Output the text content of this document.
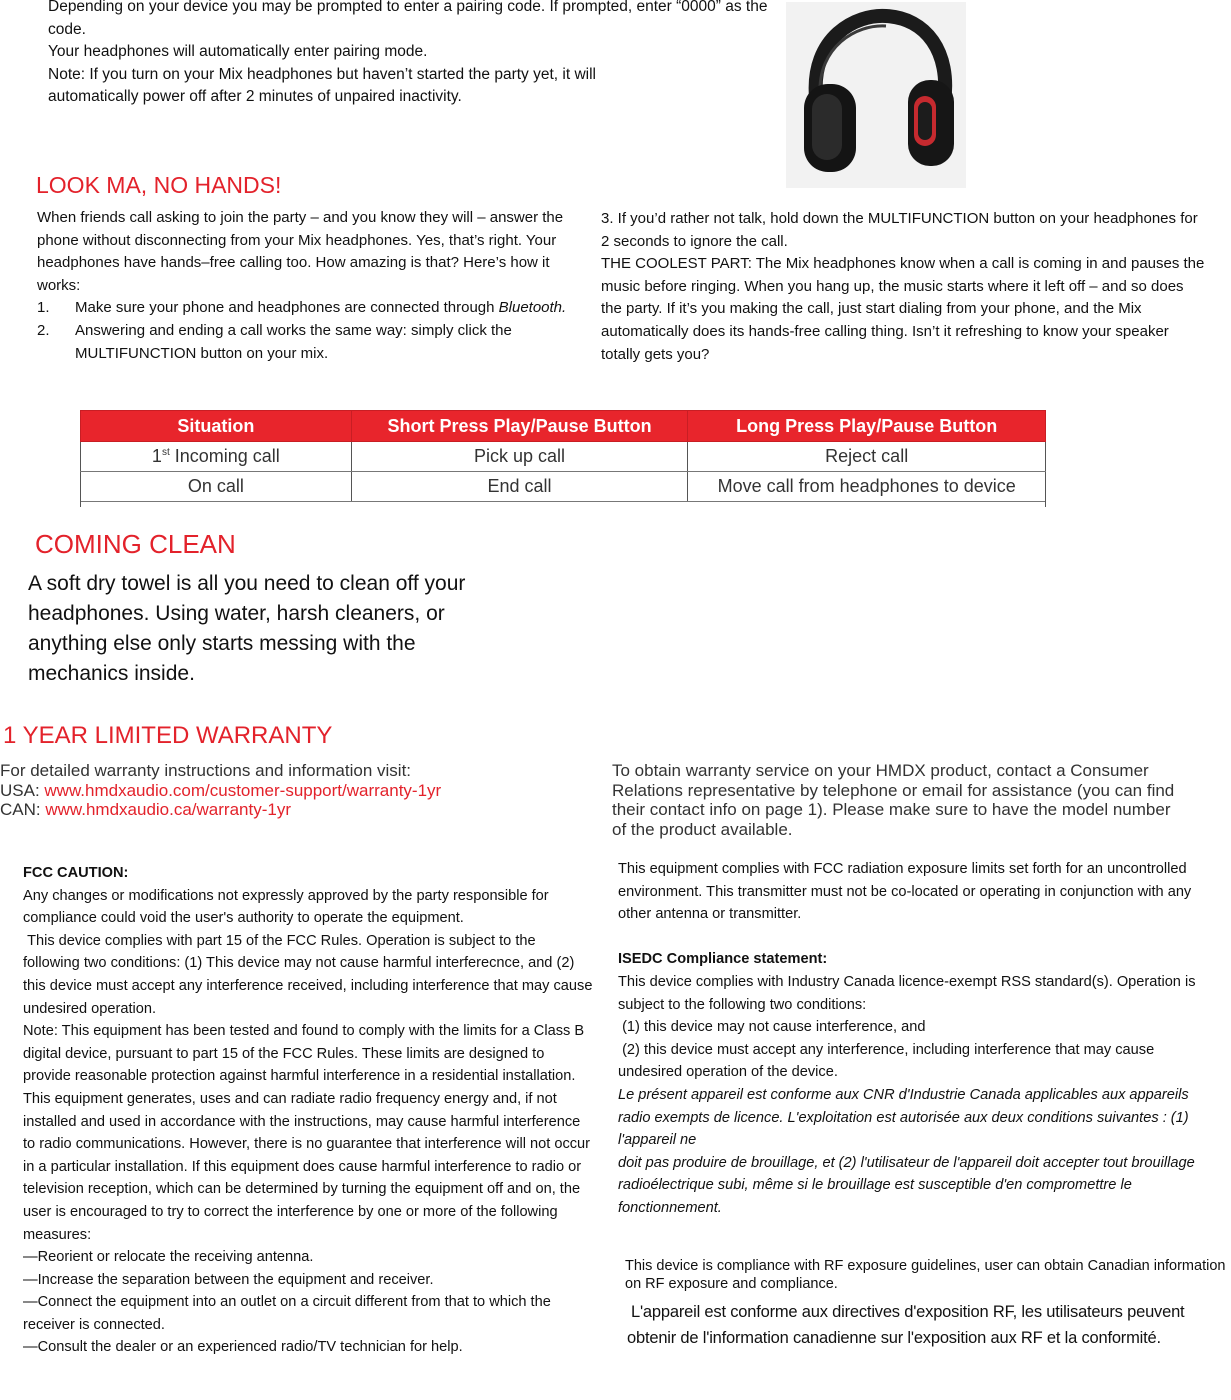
Depending on your device you may be prompted to enter a pairing code. If prompted, enter “0000” as the code.

Your headphones will automatically enter pairing mode.

Note: If you turn on your Mix headphones but haven’t started the party yet, it will automatically power off after 2 minutes of unpaired inactivity.

LOOK MA, NO HANDS!

When friends call asking to join the party – and you know they will – answer the phone without disconnecting from your Mix headphones. Yes, that’s right. Your headphones have hands–free calling too. How amazing is that? Here’s how it works:

1.	Make sure your phone and headphones are connected through Bluetooth.
2.	Answering and ending a call works the same way: simply click the MULTIFUNCTION button on your mix.

3. If you’d rather not talk, hold down the MULTIFUNCTION button on your headphones for 2 seconds to ignore the call.

THE COOLEST PART: The Mix headphones know when a call is coming in and pauses the music before ringing. When you hang up, the music starts where it left off – and so does the party. If it’s you making the call, just start dialing from your phone, and the Mix automatically does its hands-free calling thing. Isn’t it refreshing to know your speaker totally gets you?

Situation	Short Press Play/Pause Button	Long Press Play/Pause Button
1st Incoming call	Pick up call	Reject call
On call	End call	Move call from headphones to device
COMING CLEAN
A soft dry towel is all you need to clean off your headphones. Using water, harsh cleaners, or anything else only starts messing with the mechanics inside.
1 YEAR LIMITED WARRANTY
For detailed warranty instructions and information visit:
USA: www.hmdxaudio.com/customer-support/warranty-1yr
CAN: www.hmdxaudio.ca/warranty-1yr
To obtain warranty service on your HMDX product, contact a Consumer Relations representative by telephone or email for assistance (you can find their contact info on page 1). Please make sure to have the model number of the product available.

FCC CAUTION:

Any changes or modiﬁcations not expressly approved by the party responsible for compliance could void the user's authority to operate the equipment.

This device complies with part 15 of the FCC Rules. Operation is subject to the following two conditions: (1) This device may not cause harmful interferecnce, and (2) this device must accept any interference received, including interference that may cause undesired operation.

Note: This equipment has been tested and found to comply with the limits for a Class B digital device, pursuant to part 15 of the FCC Rules. These limits are designed to provide reasonable protection against harmful interference in a residential installation. This equipment generates, uses and can radiate radio frequency energy and, if not installed and used in accordance with the instructions, may cause harmful interference to radio communications. However, there is no guarantee that interference will not occur in a particular installation. If this equipment does cause harmful interference to radio or television reception, which can be determined by turning the equipment off and on, the user is encouraged to try to correct the interference by one or more of the following measures:

—Reorient or relocate the receiving antenna.

—Increase the separation between the equipment and receiver.

—Connect the equipment into an outlet on a circuit different from that to which the receiver is connected.

—Consult the dealer or an experienced radio/TV technician for help.

This equipment complies with FCC radiation exposure limits set forth for an uncontrolled environment. This transmitter must not be co-located or operating in conjunction with any other antenna or transmitter.

ISEDC Compliance statement:

This device complies with Industry Canada licence-exempt RSS standard(s). Operation is subject to the following two conditions:

(1) this device may not cause interference, and

(2) this device must accept any interference, including interference that may cause undesired operation of the device.

Le présent appareil est conforme aux CNR d'Industrie Canada applicables aux appareils radio exempts de licence. L'exploitation est autorisée aux deux conditions suivantes : (1) l'appareil ne

doit pas produire de brouillage, et (2) l'utilisateur de l'appareil doit accepter tout brouillage radioélectrique subi, même si le brouillage est susceptible d'en compromettre le fonctionnement.

This device is compliance with RF exposure guidelines, user can obtain Canadian information on RF exposure and compliance.
L'appareil est conforme aux directives d'exposition RF, les utilisateurs peuvent
obtenir de l'information canadienne sur l'exposition aux RF et la conformité.
